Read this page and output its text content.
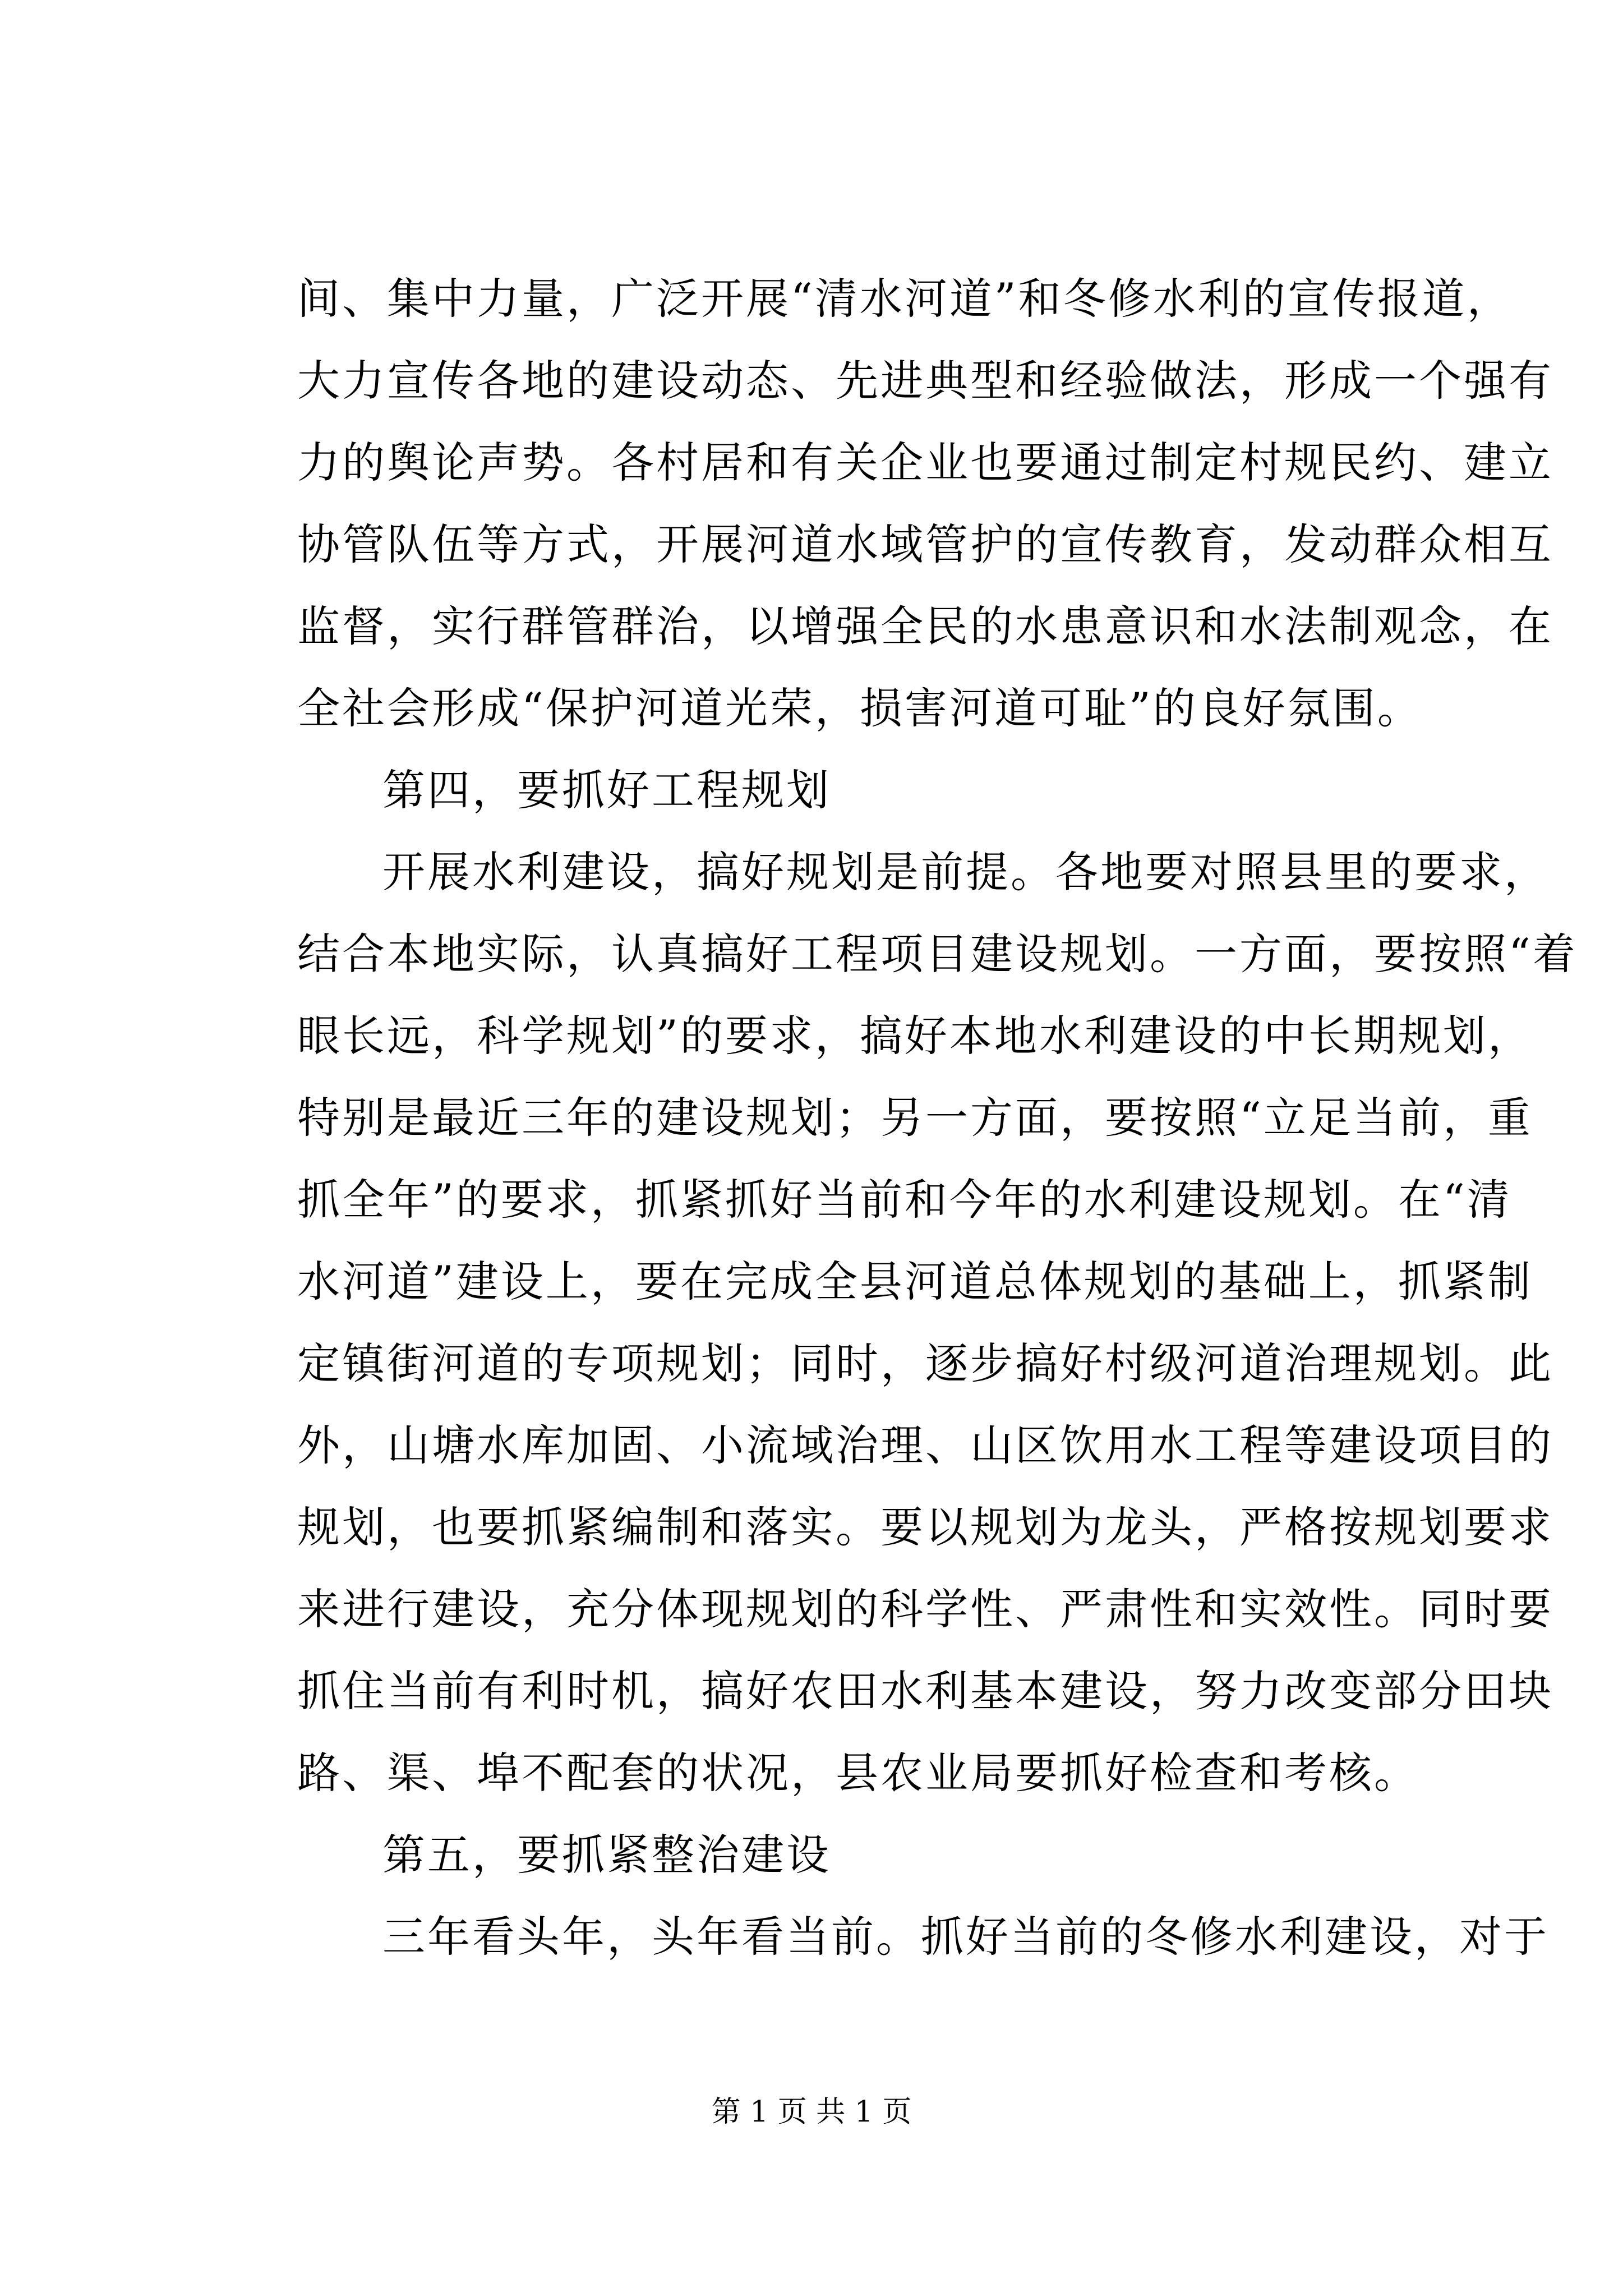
间、集中力量，广泛开展“清水河道”和冬修水利的宣传报道，
大力宣传各地的建设动态、先进典型和经验做法，形成一个强有
力的舆论声势。各村居和有关企业也要通过制定村规民约、建立
协管队伍等方式，开展河道水域管护的宣传教育，发动群众相互
监督，实行群管群治，以增强全民的水患意识和水法制观念，在
全社会形成“保护河道光荣，损害河道可耻”的良好氛围。
第四，要抓好工程规划
开展水利建设，搞好规划是前提。各地要对照县里的要求，
结合本地实际，认真搞好工程项目建设规划。一方面，要按照“着
眼长远，科学规划”的要求，搞好本地水利建设的中长期规划，
特别是最近三年的建设规划；另一方面，要按照“立足当前，重
抓全年”的要求，抓紧抓好当前和今年的水利建设规划。在“清
水河道”建设上，要在完成全县河道总体规划的基础上，抓紧制
定镇街河道的专项规划；同时，逐步搞好村级河道治理规划。此
外，山塘水库加固、小流域治理、山区饮用水工程等建设项目的
规划，也要抓紧编制和落实。要以规划为龙头，严格按规划要求
来进行建设，充分体现规划的科学性、严肃性和实效性。同时要
抓住当前有利时机，搞好农田水利基本建设，努力改变部分田块
路、渠、埠不配套的状况，县农业局要抓好检查和考核。
第五，要抓紧整治建设
三年看头年，头年看当前。抓好当前的冬修水利建设，对于
第 1 页 共 1 页
